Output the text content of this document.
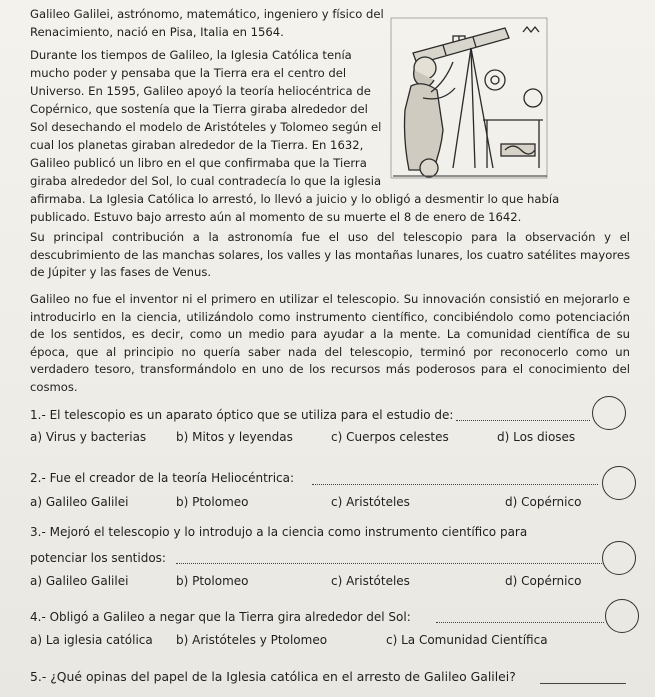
Galileo Galilei, astrónomo, matemático, ingeniero y físico del
Renacimiento, nació en Pisa, Italia en 1564.
Durante los tiempos de Galileo, la Iglesia Católica tenía
mucho poder y pensaba que la Tierra era el centro del
Universo. En 1595, Galileo apoyó la teoría heliocéntrica de
Copérnico, que sostenía que la Tierra giraba alrededor del
Sol desechando el modelo de Aristóteles y Tolomeo según el
cual los planetas giraban alrededor de la Tierra. En 1632,
Galileo publicó un libro en el que confirmaba que la Tierra
giraba alrededor del Sol, lo cual contradecía lo que la iglesia
afirmaba. La Iglesia Católica lo arrestó, lo llevó a juicio y lo obligó a desmentir lo que había
publicado. Estuvo bajo arresto aún al momento de su muerte el 8 de enero de 1642.
Su principal contribución a la astronomía fue el uso del telescopio para la observación y el descubrimiento de las manchas solares, los valles y las montañas lunares, los cuatro satélites mayores de Júpiter y las fases de Venus.
Galileo no fue el inventor ni el primero en utilizar el telescopio. Su innovación consistió en mejorarlo e introducirlo en la ciencia, utilizándolo como instrumento científico, concibiéndolo como potenciación de los sentidos, es decir, como un medio para ayudar a la mente. La comunidad científica de su época, que al principio no quería saber nada del telescopio, terminó por reconocerlo como un verdadero tesoro, transformándolo en uno de los recursos más poderosos para el conocimiento del cosmos.
1.- El telescopio es un aparato óptico que se utiliza para el estudio de:
a) Virus y bacterias b) Mitos y leyendas	c) Cuerpos celestes	d) Los dioses
2.- Fue el creador de la teoría Heliocéntrica:
a) Galileo Galilei	b) Ptolomeo	c) Aristóteles	d) Copérnico
3.- Mejoró el telescopio y lo introdujo a la ciencia como instrumento científico para
potenciar los sentidos:
a) Galileo Galilei	b) Ptolomeo	c) Aristóteles	d) Copérnico
4.- Obligó a Galileo a negar que la Tierra gira alrededor del Sol:
a) La iglesia católica b) Aristóteles y Ptolomeo	c) La Comunidad Científica
5.- ¿Qué opinas del papel de la Iglesia católica en el arresto de Galileo Galilei?
